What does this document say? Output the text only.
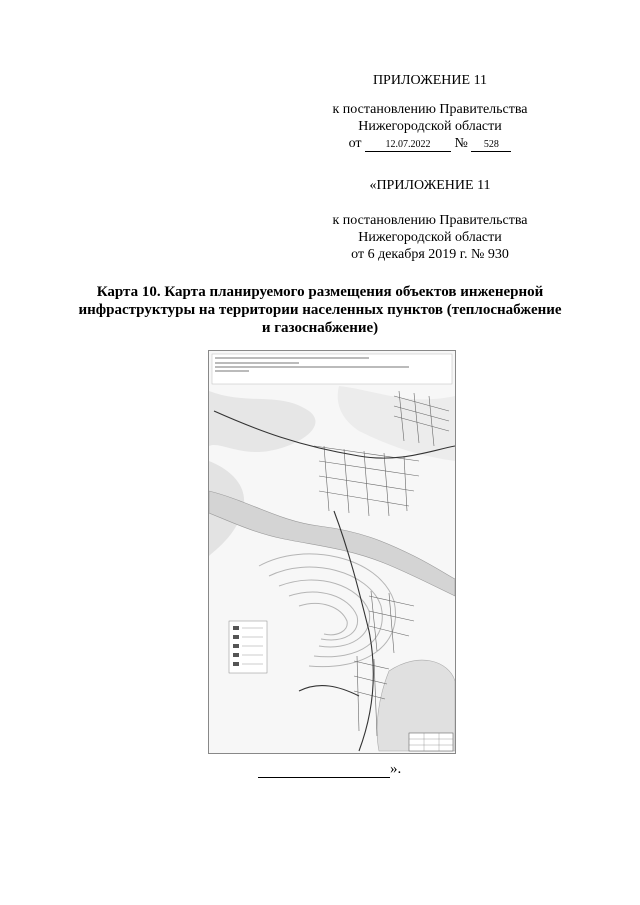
ПРИЛОЖЕНИЕ 11
к постановлению Правительства
Нижегородской области
от 12.07.2022 № 528
«ПРИЛОЖЕНИЕ 11
к постановлению Правительства
Нижегородской области
от 6 декабря 2019 г. № 930
Карта 10. Карта планируемого размещения объектов инженерной
инфраструктуры на территории населенных пунктов (теплоснабжение
и газоснабжение)
».
